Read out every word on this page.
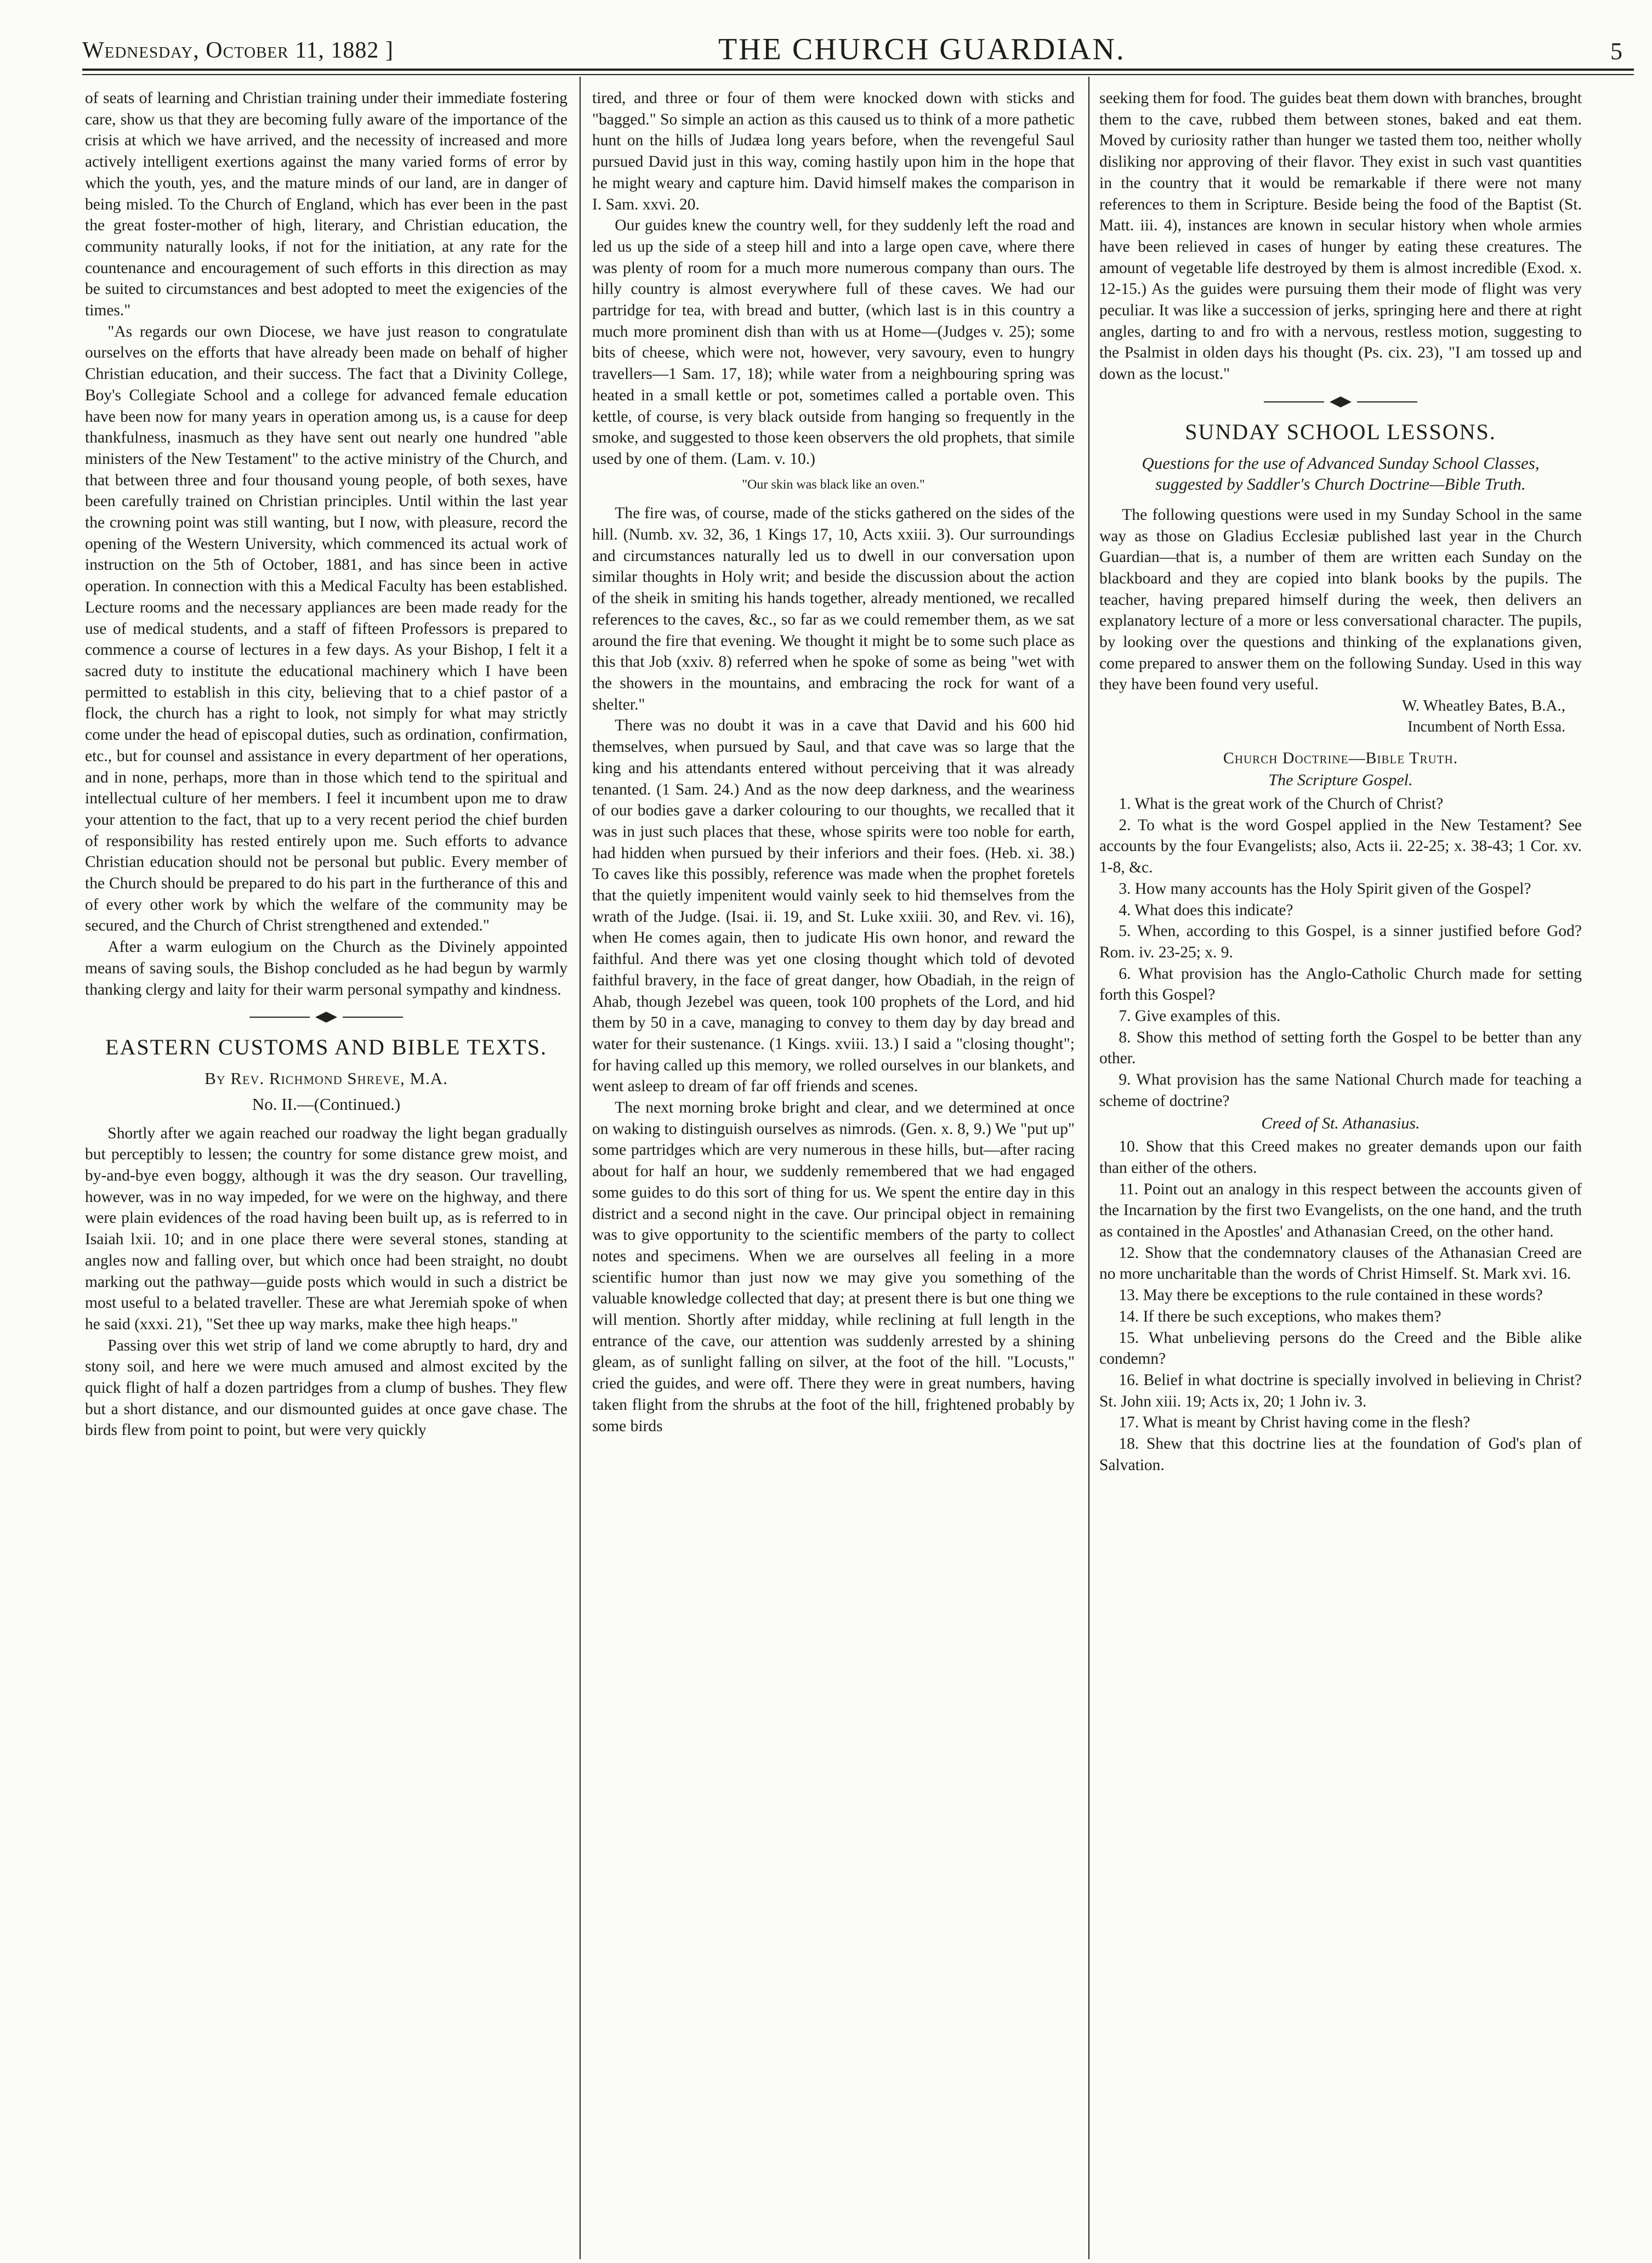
Wednesday, October 11, 1882 ]	THE CHURCH GUARDIAN.	5

of seats of learning and Christian training under their immediate fostering care, show us that they are becoming fully aware of the importance of the crisis at which we have arrived, and the necessity of increased and more actively intelligent exertions against the many varied forms of error by which the youth, yes, and the mature minds of our land, are in danger of being misled. To the Church of England, which has ever been in the past the great foster-mother of high, literary, and Christian education, the community naturally looks, if not for the initiation, at any rate for the countenance and encouragement of such efforts in this direction as may be suited to circumstances and best adopted to meet the exigencies of the times."

"As regards our own Diocese, we have just reason to congratulate ourselves on the efforts that have already been made on behalf of higher Christian education, and their success. The fact that a Divinity College, Boy's Collegiate School and a college for advanced female education have been now for many years in operation among us, is a cause for deep thankfulness, inasmuch as they have sent out nearly one hundred "able ministers of the New Testament" to the active ministry of the Church, and that between three and four thousand young people, of both sexes, have been carefully trained on Christian principles. Until within the last year the crowning point was still wanting, but I now, with pleasure, record the opening of the Western University, which commenced its actual work of instruction on the 5th of October, 1881, and has since been in active operation. In connection with this a Medical Faculty has been established. Lecture rooms and the necessary appliances are been made ready for the use of medical students, and a staff of fifteen Professors is prepared to commence a course of lectures in a few days. As your Bishop, I felt it a sacred duty to institute the educational machinery which I have been permitted to establish in this city, believing that to a chief pastor of a flock, the church has a right to look, not simply for what may strictly come under the head of episcopal duties, such as ordination, confirmation, etc., but for counsel and assistance in every department of her operations, and in none, perhaps, more than in those which tend to the spiritual and intellectual culture of her members. I feel it incumbent upon me to draw your attention to the fact, that up to a very recent period the chief burden of responsibility has rested entirely upon me. Such efforts to advance Christian education should not be personal but public. Every member of the Church should be prepared to do his part in the furtherance of this and of every other work by which the welfare of the community may be secured, and the Church of Christ strengthened and extended."

After a warm eulogium on the Church as the Divinely appointed means of saving souls, the Bishop concluded as he had begun by warmly thanking clergy and laity for their warm personal sympathy and kindness.

EASTERN CUSTOMS AND BIBLE TEXTS.
By Rev. Richmond Shreve, M.A.
No. II.—(Continued.)

Shortly after we again reached our roadway the light began gradually but perceptibly to lessen; the country for some distance grew moist, and by-and-bye even boggy, although it was the dry season. Our travelling, however, was in no way impeded, for we were on the highway, and there were plain evidences of the road having been built up, as is referred to in Isaiah lxii. 10; and in one place there were several stones, standing at angles now and falling over, but which once had been straight, no doubt marking out the pathway—guide posts which would in such a district be most useful to a belated traveller. These are what Jeremiah spoke of when he said (xxxi. 21), "Set thee up way marks, make thee high heaps."

Passing over this wet strip of land we come abruptly to hard, dry and stony soil, and here we were much amused and almost excited by the quick flight of half a dozen partridges from a clump of bushes. They flew but a short distance, and our dismounted guides at once gave chase. The birds flew from point to point, but were very quickly

tired, and three or four of them were knocked down with sticks and "bagged." So simple an action as this caused us to think of a more pathetic hunt on the hills of Judæa long years before, when the revengeful Saul pursued David just in this way, coming hastily upon him in the hope that he might weary and capture him. David himself makes the comparison in I. Sam. xxvi. 20.

Our guides knew the country well, for they suddenly left the road and led us up the side of a steep hill and into a large open cave, where there was plenty of room for a much more numerous company than ours. The hilly country is almost everywhere full of these caves. We had our partridge for tea, with bread and butter, (which last is in this country a much more prominent dish than with us at Home—(Judges v. 25); some bits of cheese, which were not, however, very savoury, even to hungry travellers—1 Sam. 17, 18); while water from a neighbouring spring was heated in a small kettle or pot, sometimes called a portable oven. This kettle, of course, is very black outside from hanging so frequently in the smoke, and suggested to those keen observers the old prophets, that simile used by one of them. (Lam. v. 10.)

"Our skin was black like an oven."

The fire was, of course, made of the sticks gathered on the sides of the hill. (Numb. xv. 32, 36, 1 Kings 17, 10, Acts xxiii. 3). Our surroundings and circumstances naturally led us to dwell in our conversation upon similar thoughts in Holy writ; and beside the discussion about the action of the sheik in smiting his hands together, already mentioned, we recalled references to the caves, &c., so far as we could remember them, as we sat around the fire that evening. We thought it might be to some such place as this that Job (xxiv. 8) referred when he spoke of some as being "wet with the showers in the mountains, and embracing the rock for want of a shelter."

There was no doubt it was in a cave that David and his 600 hid themselves, when pursued by Saul, and that cave was so large that the king and his attendants entered without perceiving that it was already tenanted. (1 Sam. 24.) And as the now deep darkness, and the weariness of our bodies gave a darker colouring to our thoughts, we recalled that it was in just such places that these, whose spirits were too noble for earth, had hidden when pursued by their inferiors and their foes. (Heb. xi. 38.) To caves like this possibly, reference was made when the prophet foretels that the quietly impenitent would vainly seek to hid themselves from the wrath of the Judge. (Isai. ii. 19, and St. Luke xxiii. 30, and Rev. vi. 16), when He comes again, then to judicate His own honor, and reward the faithful. And there was yet one closing thought which told of devoted faithful bravery, in the face of great danger, how Obadiah, in the reign of Ahab, though Jezebel was queen, took 100 prophets of the Lord, and hid them by 50 in a cave, managing to convey to them day by day bread and water for their sustenance. (1 Kings. xviii. 13.) I said a "closing thought"; for having called up this memory, we rolled ourselves in our blankets, and went asleep to dream of far off friends and scenes.

The next morning broke bright and clear, and we determined at once on waking to distinguish ourselves as nimrods. (Gen. x. 8, 9.) We "put up" some partridges which are very numerous in these hills, but—after racing about for half an hour, we suddenly remembered that we had engaged some guides to do this sort of thing for us. We spent the entire day in this district and a second night in the cave. Our principal object in remaining was to give opportunity to the scientific members of the party to collect notes and specimens. When we are ourselves all feeling in a more scientific humor than just now we may give you something of the valuable knowledge collected that day; at present there is but one thing we will mention. Shortly after midday, while reclining at full length in the entrance of the cave, our attention was suddenly arrested by a shining gleam, as of sunlight falling on silver, at the foot of the hill. "Locusts," cried the guides, and were off. There they were in great numbers, having taken flight from the shrubs at the foot of the hill, frightened probably by some birds

seeking them for food. The guides beat them down with branches, brought them to the cave, rubbed them between stones, baked and eat them. Moved by curiosity rather than hunger we tasted them too, neither wholly disliking nor approving of their flavor. They exist in such vast quantities in the country that it would be remarkable if there were not many references to them in Scripture. Beside being the food of the Baptist (St. Matt. iii. 4), instances are known in secular history when whole armies have been relieved in cases of hunger by eating these creatures. The amount of vegetable life destroyed by them is almost incredible (Exod. x. 12-15.) As the guides were pursuing them their mode of flight was very peculiar. It was like a succession of jerks, springing here and there at right angles, darting to and fro with a nervous, restless motion, suggesting to the Psalmist in olden days his thought (Ps. cix. 23), "I am tossed up and down as the locust."

SUNDAY SCHOOL LESSONS.
Questions for the use of Advanced Sunday School Classes, suggested by Saddler's Church Doctrine—Bible Truth.

The following questions were used in my Sunday School in the same way as those on Gladius Ecclesiæ published last year in the Church Guardian—that is, a number of them are written each Sunday on the blackboard and they are copied into blank books by the pupils. The teacher, having prepared himself during the week, then delivers an explanatory lecture of a more or less conversational character. The pupils, by looking over the questions and thinking of the explanations given, come prepared to answer them on the following Sunday. Used in this way they have been found very useful.

W. Wheatley Bates, B.A.,
Incumbent of North Essa.
Church Doctrine—Bible Truth.
The Scripture Gospel.

1. What is the great work of the Church of Christ?

2. To what is the word Gospel applied in the New Testament? See accounts by the four Evangelists; also, Acts ii. 22-25; x. 38-43; 1 Cor. xv. 1-8, &c.

3. How many accounts has the Holy Spirit given of the Gospel?

4. What does this indicate?

5. When, according to this Gospel, is a sinner justified before God? Rom. iv. 23-25; x. 9.

6. What provision has the Anglo-Catholic Church made for setting forth this Gospel?

7. Give examples of this.

8. Show this method of setting forth the Gospel to be better than any other.

9. What provision has the same National Church made for teaching a scheme of doctrine?

Creed of St. Athanasius.

10. Show that this Creed makes no greater demands upon our faith than either of the others.

11. Point out an analogy in this respect between the accounts given of the Incarnation by the first two Evangelists, on the one hand, and the truth as contained in the Apostles' and Athanasian Creed, on the other hand.

12. Show that the condemnatory clauses of the Athanasian Creed are no more uncharitable than the words of Christ Himself. St. Mark xvi. 16.

13. May there be exceptions to the rule contained in these words?

14. If there be such exceptions, who makes them?

15. What unbelieving persons do the Creed and the Bible alike condemn?

16. Belief in what doctrine is specially involved in believing in Christ? St. John xiii. 19; Acts ix, 20; 1 John iv. 3.

17. What is meant by Christ having come in the flesh?

18. Shew that this doctrine lies at the foundation of God's plan of Salvation.
